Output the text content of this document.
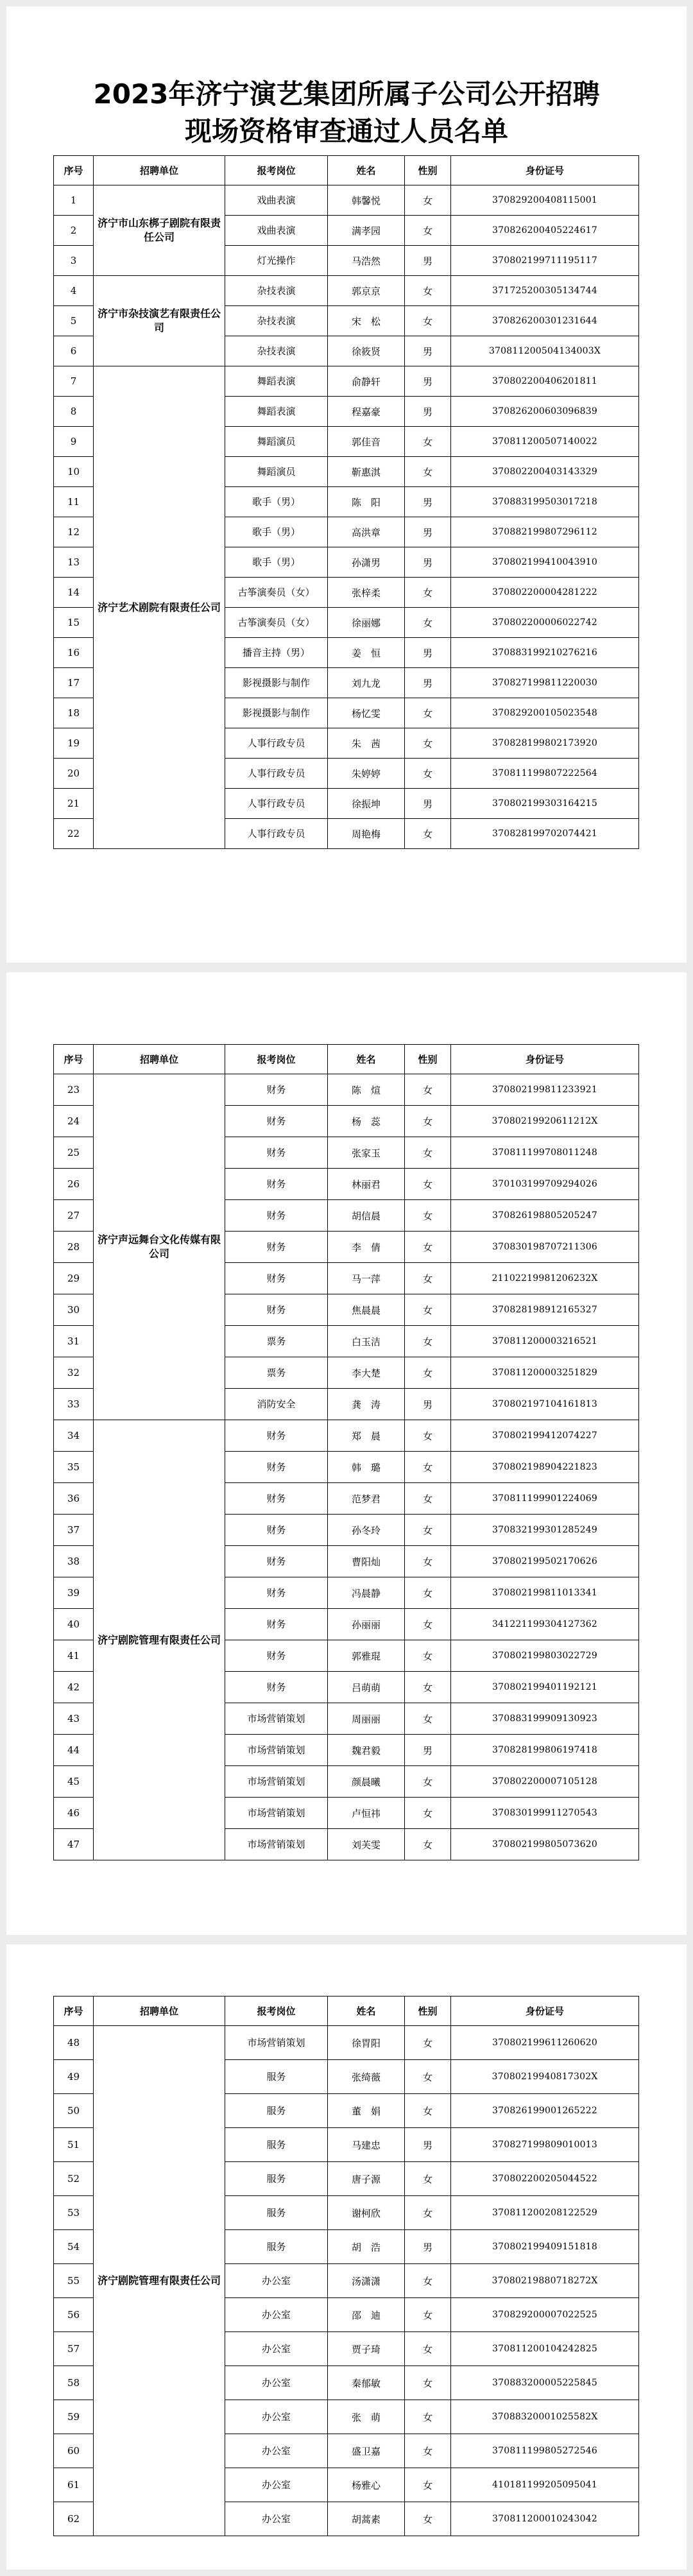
2023年济宁演艺集团所属子公司公开招聘

现场资格审查通过人员名单

序号	招聘单位	报考岗位	姓名	性别	身份证号
1	济宁市山东梆子剧院有限责任公司	戏曲表演	韩馨悦	女	370829200408115001
2		戏曲表演	满孝园	女	370826200405224617
3		灯光操作	马浩然	男	370802199711195117
4	济宁市杂技演艺有限责任公司	杂技表演	郭京京	女	371725200305134744
5		杂技表演	宋　松	女	370826200301231644
6		杂技表演	徐筱贤	男	370811200504134003X
7	济宁艺术剧院有限责任公司	舞蹈表演	俞静轩	男	370802200406201811
8		舞蹈表演	程嘉豪	男	370826200603096839
9		舞蹈演员	郭佳音	女	370811200507140022
10		舞蹈演员	靳惠淇	女	370802200403143329
11		歌手（男）	陈　阳	男	370883199503017218
12		歌手（男）	高洪章	男	370882199807296112
13		歌手（男）	孙潇男	男	370802199410043910
14		古筝演奏员（女）	张梓柔	女	370802200004281222
15		古筝演奏员（女）	徐丽娜	女	370802200006022742
16		播音主持（男）	姜　恒	男	370883199210276216
17		影视摄影与制作	刘九龙	男	370827199811220030
18		影视摄影与制作	杨忆雯	女	370829200105023548
19		人事行政专员	朱　茜	女	370828199802173920
20		人事行政专员	朱婷婷	女	370811199807222564
21		人事行政专员	徐振坤	男	370802199303164215
22		人事行政专员	周艳梅	女	370828199702074421
序号	招聘单位	报考岗位	姓名	性别	身份证号
23	济宁声远舞台文化传媒有限公司	财务	陈　煊	女	370802199811233921
24		财务	杨　蕊	女	37080219920611212X
25		财务	张家玉	女	370811199708011248
26		财务	林丽君	女	370103199709294026
27		财务	胡信晨	女	370826198805205247
28		财务	李　倩	女	370830198707211306
29		财务	马一萍	女	21102219981206232X
30		财务	焦晨晨	女	370828198912165327
31		票务	白玉洁	女	370811200003216521
32		票务	李大楚	女	370811200003251829
33		消防安全	龚　涛	男	370802197104161813
34	济宁剧院管理有限责任公司	财务	郑　晨	女	370802199412074227
35		财务	韩　璐	女	370802198904221823
36		财务	范梦君	女	370811199901224069
37		财务	孙冬玲	女	370832199301285249
38		财务	曹阳灿	女	370802199502170626
39		财务	冯晨静	女	370802199811013341
40		财务	孙丽丽	女	341221199304127362
41		财务	郭雅琨	女	370802199803022729
42		财务	吕萌萌	女	370802199401192121
43		市场营销策划	周丽丽	女	370883199909130923
44		市场营销策划	魏君毅	男	370828199806197418
45		市场营销策划	颜晨曦	女	370802200007105128
46		市场营销策划	卢恒祎	女	370830199911270543
47		市场营销策划	刘芙雯	女	370802199805073620
序号	招聘单位	报考岗位	姓名	性别	身份证号
48	济宁剧院管理有限责任公司	市场营销策划	徐胃阳	女	370802199611260620
49		服务	张绮薇	女	37080219940817302X
50		服务	董　娟	女	370826199001265222
51		服务	马建忠	男	370827199809010013
52		服务	唐子源	女	370802200205044522
53		服务	谢柯欣	女	370811200208122529
54		服务	胡　浩	男	370802199409151818
55		办公室	汤潇潇	女	37080219880718272X
56		办公室	邵　迪	女	370829200007022525
57		办公室	贾子琦	女	370811200104242825
58		办公室	秦郁敏	女	370883200005225845
59		办公室	张　萌	女	37088320001025582X
60		办公室	盛卫嘉	女	370811199805272546
61		办公室	杨雅心	女	410181199205095041
62		办公室	胡蒿素	女	370811200010243042
